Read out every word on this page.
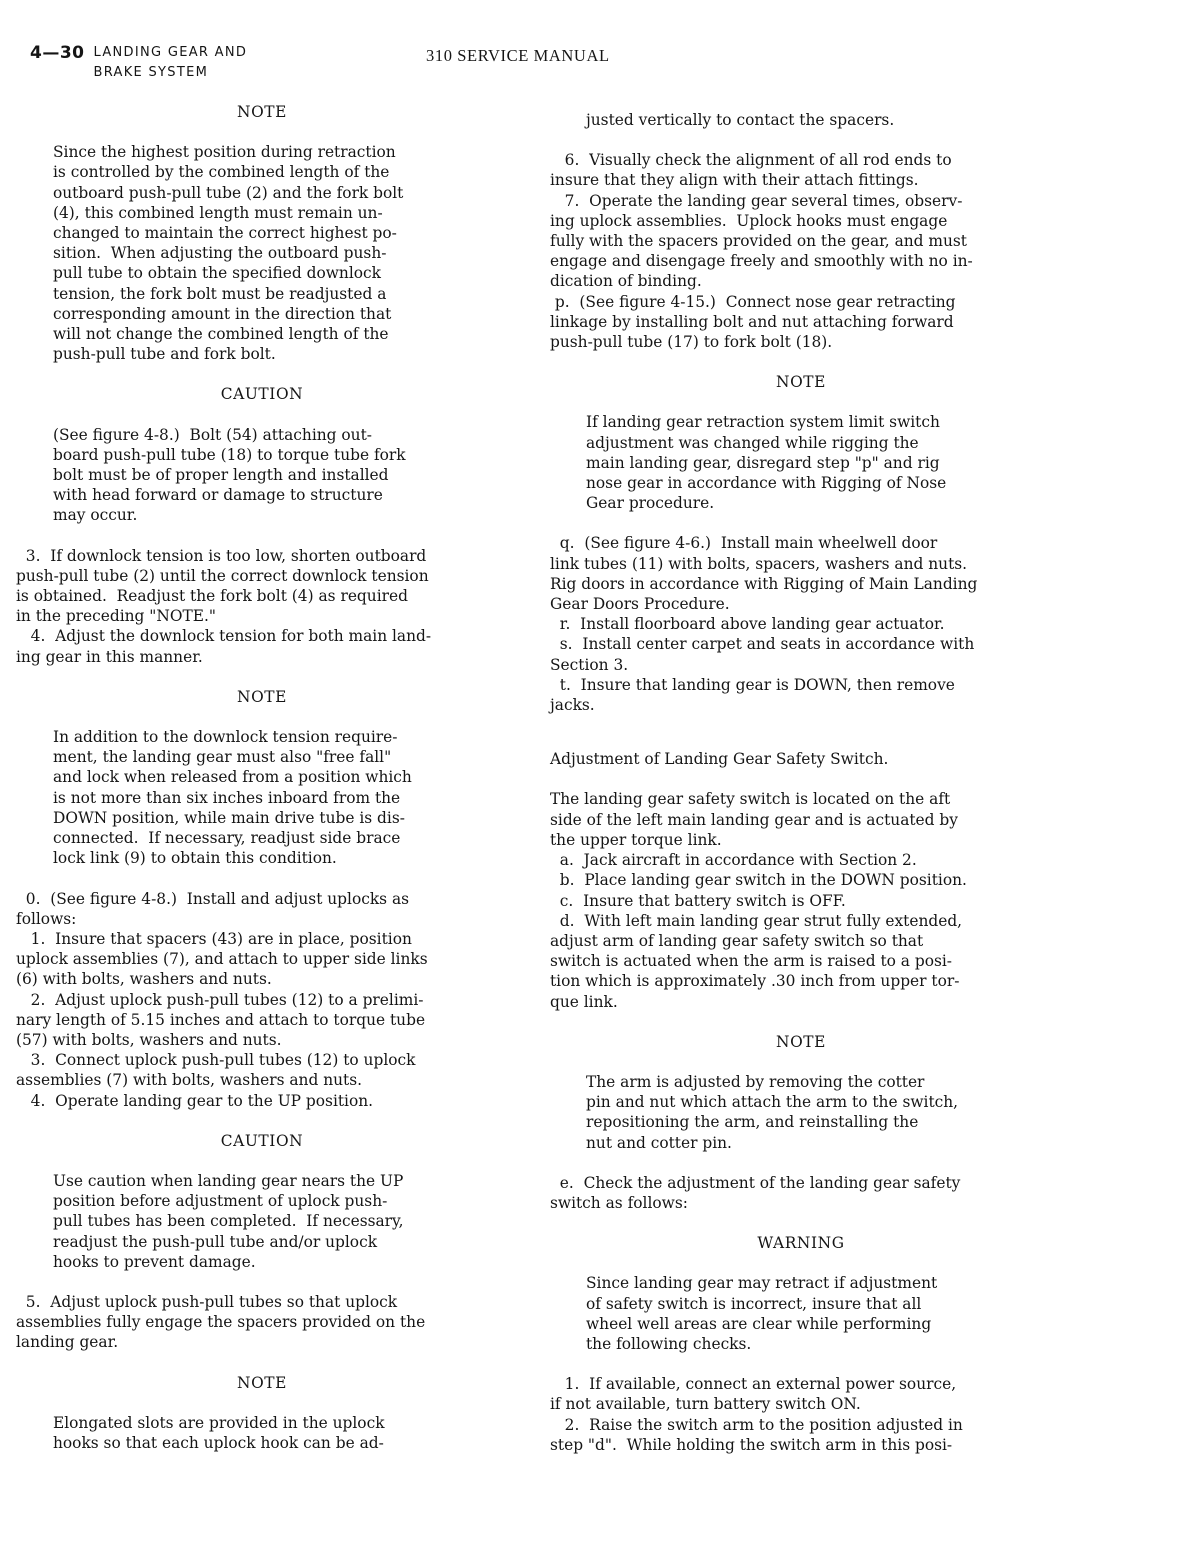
4—30 LANDING GEAR AND
BRAKE SYSTEM
310 SERVICE MANUAL
NOTE
Since the highest position during retraction
is controlled by the combined length of the
outboard push-pull tube (2) and the fork bolt
(4), this combined length must remain un-
changed to maintain the correct highest po-
sition.  When adjusting the outboard push-
pull tube to obtain the specified downlock
tension, the fork bolt must be readjusted a
corresponding amount in the direction that
will not change the combined length of the
push-pull tube and fork bolt.
CAUTION
(See figure 4-8.)  Bolt (54) attaching out-
board push-pull tube (18) to torque tube fork
bolt must be of proper length and installed
with head forward or damage to structure
may occur.
3.  If downlock tension is too low, shorten outboard
push-pull tube (2) until the correct downlock tension
is obtained.  Readjust the fork bolt (4) as required
in the preceding "NOTE."
4.  Adjust the downlock tension for both main land-
ing gear in this manner.
NOTE
In addition to the downlock tension require-
ment, the landing gear must also "free fall"
and lock when released from a position which
is not more than six inches inboard from the
DOWN position, while main drive tube is dis-
connected.  If necessary, readjust side brace
lock link (9) to obtain this condition.
0.  (See figure 4-8.)  Install and adjust uplocks as
follows:
1.  Insure that spacers (43) are in place, position
uplock assemblies (7), and attach to upper side links
(6) with bolts, washers and nuts.
2.  Adjust uplock push-pull tubes (12) to a prelimi-
nary length of 5.15 inches and attach to torque tube
(57) with bolts, washers and nuts.
3.  Connect uplock push-pull tubes (12) to uplock
assemblies (7) with bolts, washers and nuts.
4.  Operate landing gear to the UP position.
CAUTION
Use caution when landing gear nears the UP
position before adjustment of uplock push-
pull tubes has been completed.  If necessary,
readjust the push-pull tube and/or uplock
hooks to prevent damage.
5.  Adjust uplock push-pull tubes so that uplock
assemblies fully engage the spacers provided on the
landing gear.
NOTE
Elongated slots are provided in the uplock
hooks so that each uplock hook can be ad-
justed vertically to contact the spacers.
6.  Visually check the alignment of all rod ends to
insure that they align with their attach fittings.
7.  Operate the landing gear several times, observ-
ing uplock assemblies.  Uplock hooks must engage
fully with the spacers provided on the gear, and must
engage and disengage freely and smoothly with no in-
dication of binding.
p.  (See figure 4-15.)  Connect nose gear retracting
linkage by installing bolt and nut attaching forward
push-pull tube (17) to fork bolt (18).
NOTE
If landing gear retraction system limit switch
adjustment was changed while rigging the
main landing gear, disregard step "p" and rig
nose gear in accordance with Rigging of Nose
Gear procedure.
q.  (See figure 4-6.)  Install main wheelwell door
link tubes (11) with bolts, spacers, washers and nuts.
Rig doors in accordance with Rigging of Main Landing
Gear Doors Procedure.
r.  Install floorboard above landing gear actuator.
s.  Install center carpet and seats in accordance with
Section 3.
t.  Insure that landing gear is DOWN, then remove
jacks.
Adjustment of Landing Gear Safety Switch.
The landing gear safety switch is located on the aft
side of the left main landing gear and is actuated by
the upper torque link.
a.  Jack aircraft in accordance with Section 2.
b.  Place landing gear switch in the DOWN position.
c.  Insure that battery switch is OFF.
d.  With left main landing gear strut fully extended,
adjust arm of landing gear safety switch so that
switch is actuated when the arm is raised to a posi-
tion which is approximately .30 inch from upper tor-
que link.
NOTE
The arm is adjusted by removing the cotter
pin and nut which attach the arm to the switch,
repositioning the arm, and reinstalling the
nut and cotter pin.
e.  Check the adjustment of the landing gear safety
switch as follows:
WARNING
Since landing gear may retract if adjustment
of safety switch is incorrect, insure that all
wheel well areas are clear while performing
the following checks.
1.  If available, connect an external power source,
if not available, turn battery switch ON.
2.  Raise the switch arm to the position adjusted in
step "d".  While holding the switch arm in this posi-
